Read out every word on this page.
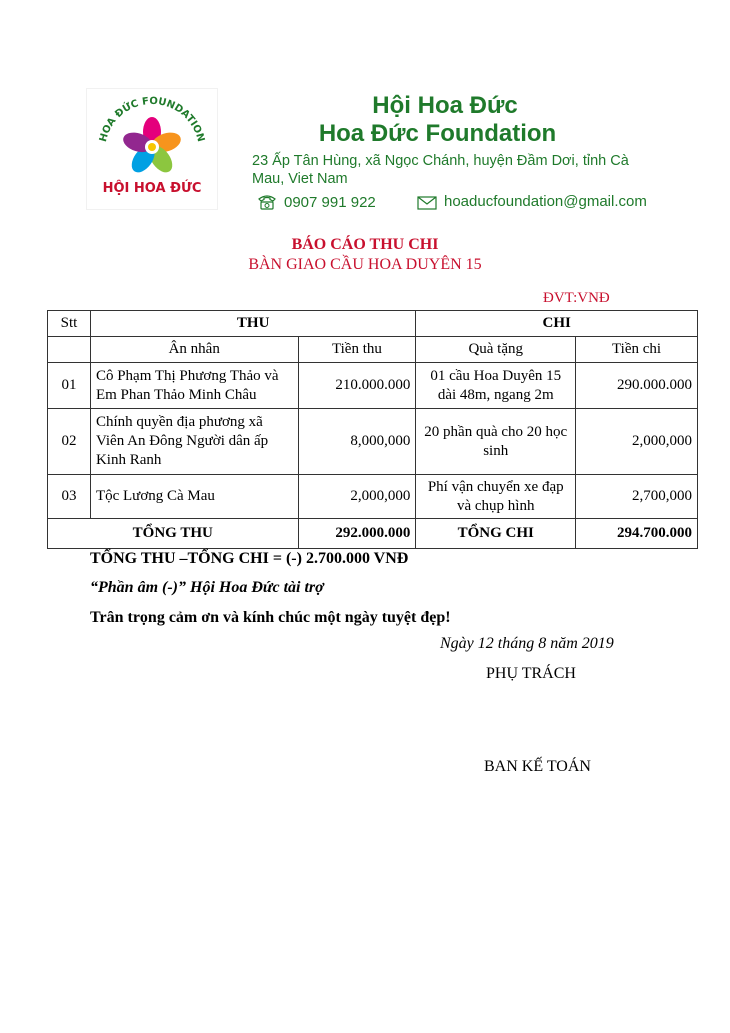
HOA ĐỨC FOUNDATION
HỘI HOA ĐỨC
Hội Hoa Đức
Hoa Đức Foundation
23 Ấp Tân Hùng, xã Ngọc Chánh, huyện Đầm Dơi, tỉnh Cà Mau, Viet Nam
0907 991 922	hoaducfoundation@gmail.com
BÁO CÁO THU CHI
BÀN GIAO CẦU HOA DUYÊN 15
ĐVT:VNĐ
Stt	THU		CHI	
	Ân nhân	Tiền thu	Quà tặng	Tiền chi
01	Cô Phạm Thị Phương Thảo và Em Phan Thảo Minh Châu	210.000.000	01 cầu Hoa Duyên 15 dài 48m, ngang 2m	290.000.000
02	Chính quyền địa phương xã Viên An Đông Người dân ấp Kinh Ranh	8,000,000	20 phần quà cho 20 học sinh	2,000,000
03	Tộc Lương Cà Mau	2,000,000	Phí vận chuyển xe đạp và chụp hình	2,700,000
TỔNG THU		292.000.000	TỔNG CHI	294.700.000
TỔNG THU –TỔNG CHI = (-) 2.700.000 VNĐ
“Phần âm (-)” Hội Hoa Đức tài trợ
Trân trọng cảm ơn và kính chúc một ngày tuyệt đẹp!
Ngày 12 tháng 8 năm 2019
PHỤ TRÁCH
BAN KẾ TOÁN
